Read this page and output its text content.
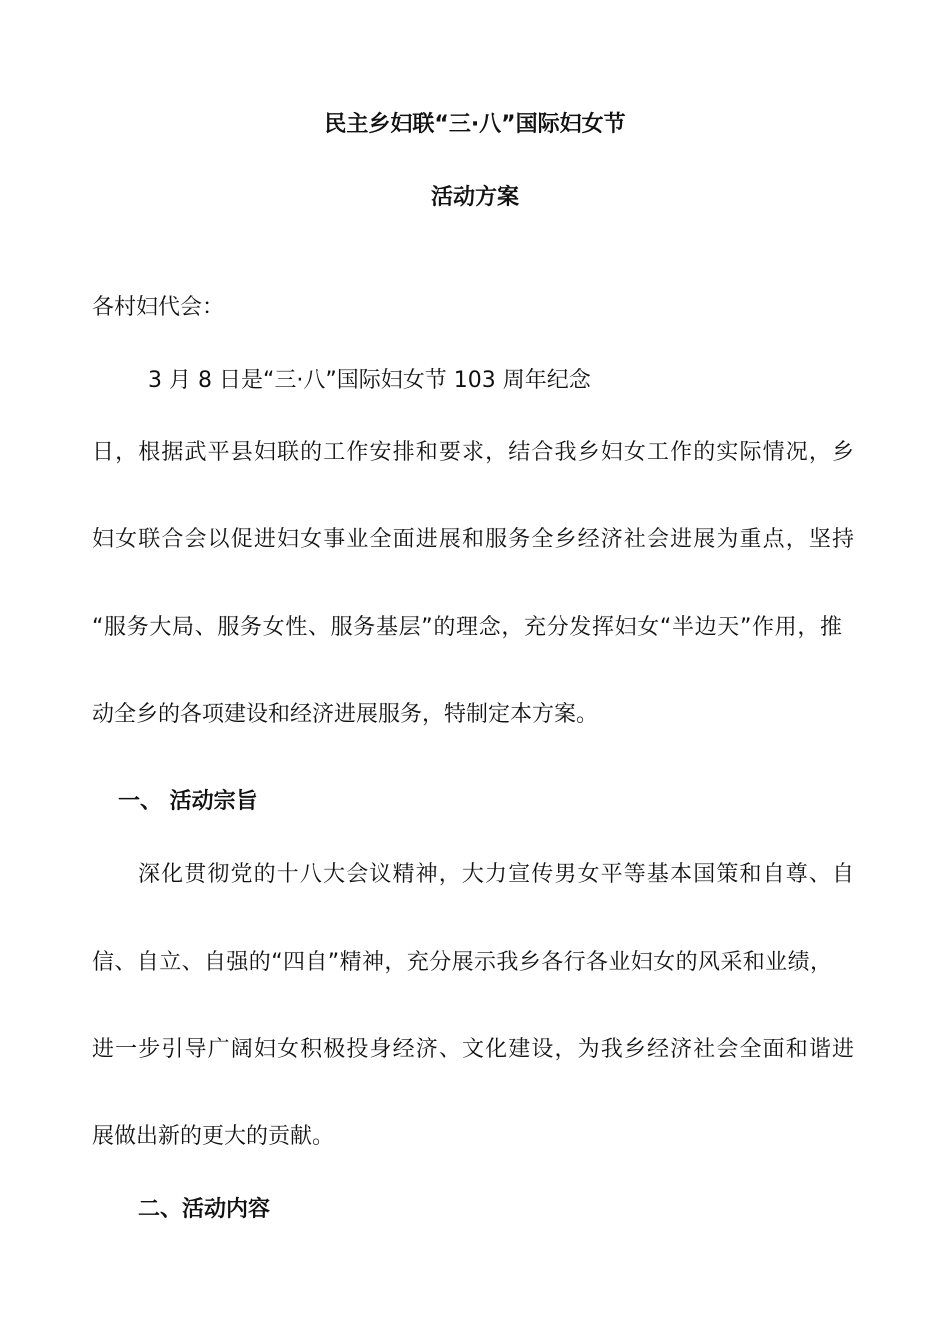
民主乡妇联“三·八”国际妇女节
活动方案

各村妇代会：

3 月 8 日是“三·八”国际妇女节 103 周年纪念

日，根据武平县妇联的工作安排和要求，结合我乡妇女工作的实际情况，乡

妇女联合会以促进妇女事业全面进展和服务全乡经济社会进展为重点，坚持

“服务大局、服务女性、服务基层”的理念，充分发挥妇女“半边天”作用，推

动全乡的各项建设和经济进展服务，特制定本方案。

一、 活动宗旨

深化贯彻党的十八大会议精神，大力宣传男女平等基本国策和自尊、自

信、自立、自强的“四自”精神，充分展示我乡各行各业妇女的风采和业绩，

进一步引导广阔妇女积极投身经济、文化建设，为我乡经济社会全面和谐进

展做出新的更大的贡献。

二、活动内容
